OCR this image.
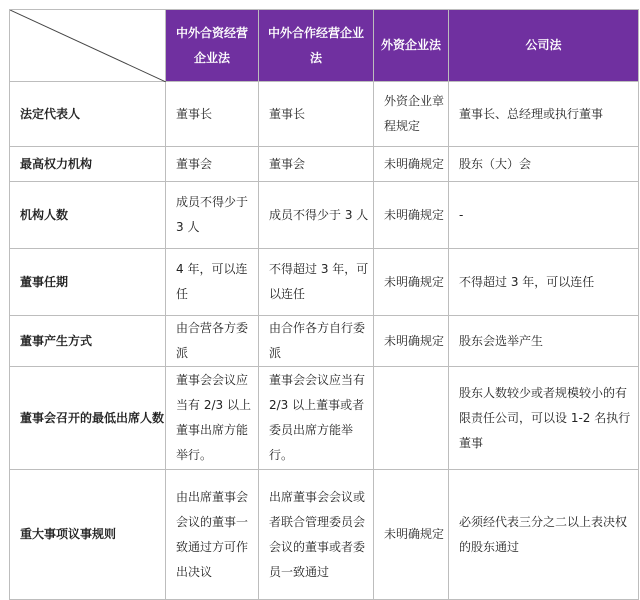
	中外合资经营企业法	中外合作经营企业法	外资企业法	公司法
法定代表人	董事长	董事长	外资企业章程规定	董事长、总经理或执行董事
最高权力机构	董事会	董事会	未明确规定	股东（大）会
机构人数	成员不得少于 3 人	成员不得少于 3 人	未明确规定	-
董事任期	4 年，可以连任	不得超过 3 年，可以连任	未明确规定	不得超过 3 年，可以连任
董事产生方式	由合营各方委派	由合作各方自行委派	未明确规定	股东会选举产生
董事会召开的最低出席人数	董事会会议应当有 2/3 以上董事出席方能举行。	董事会会议应当有 2/3 以上董事或者委员出席方能举行。		股东人数较少或者规模较小的有限责任公司，可以设 1-2 名执行董事
重大事项议事规则	由出席董事会会议的董事一致通过方可作出决议	出席董事会会议或者联合管理委员会会议的董事或者委员一致通过	未明确规定	必须经代表三分之二以上表决权的股东通过
